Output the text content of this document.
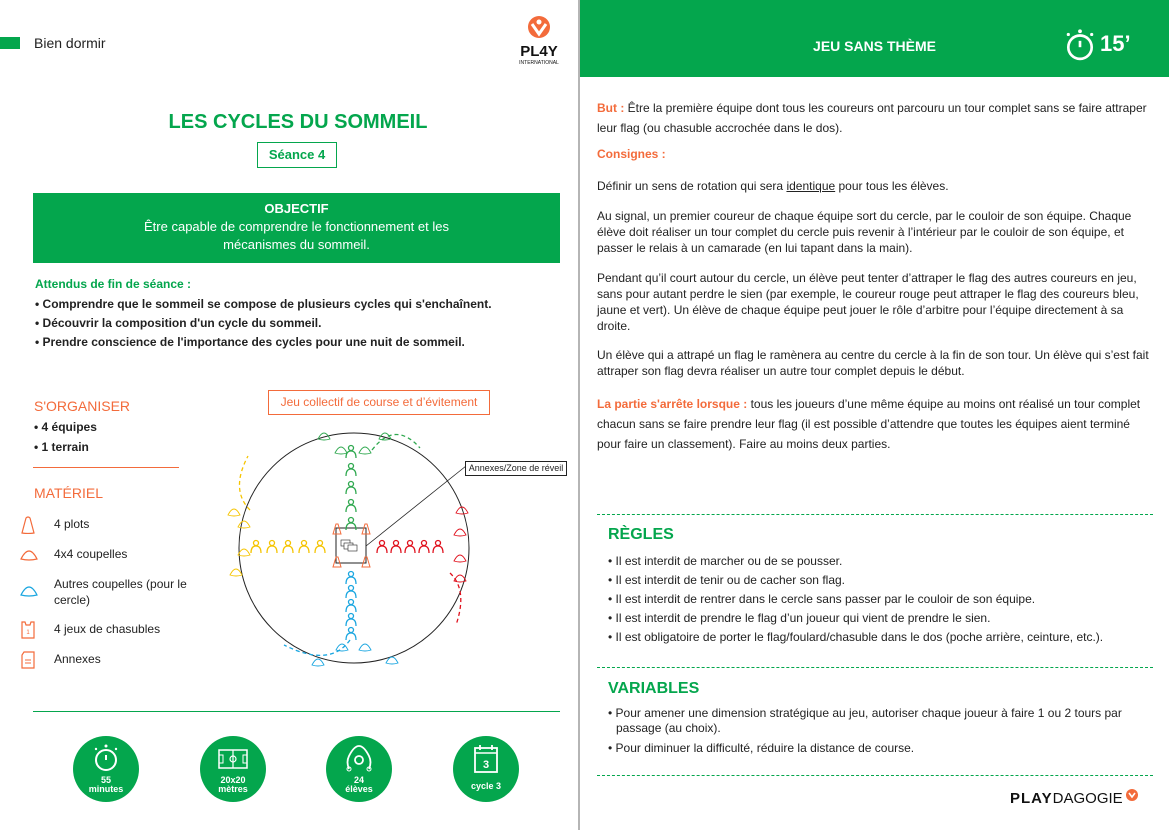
Bien dormir	PL4Y
INTERNATIONAL
LES CYCLES DU SOMMEIL
Séance 4
OBJECTIF
Être capable de comprendre le fonctionnement et les mécanismes du sommeil.
Attendus de fin de séance :
• Comprendre que le sommeil se compose de plusieurs cycles qui s'enchaînent.
• Découvrir la composition d'un cycle du sommeil.
• Prendre conscience de l'importance des cycles pour une nuit de sommeil.
S'ORGANISER
• 4 équipes
• 1 terrain
MATÉRIEL
4 plots
4x4 coupelles
Autres coupelles (pour le cercle)
1 4 jeux de chasubles
Annexes
Jeu collectif de course et d’évitement
Annexes/Zone de réveil
55
minutes
20x20
mètres
24
élèves
3
cycle 3
JEU SANS THÈME	15’
But : Être la première équipe dont tous les coureurs ont parcouru un tour complet sans se faire attraper leur flag (ou chasuble accrochée dans le dos).
Consignes :
Définir un sens de rotation qui sera identique pour tous les élèves.
Au signal, un premier coureur de chaque équipe sort du cercle, par le couloir de son équipe. Chaque élève doit réaliser un tour complet du cercle puis revenir à l’intérieur par le couloir de son équipe, et passer le relais à un camarade (en lui tapant dans la main).
Pendant qu’il court autour du cercle, un élève peut tenter d’attraper le flag des autres coureurs en jeu, sans pour autant perdre le sien (par exemple, le coureur rouge peut attraper le flag des coureurs bleu, jaune et vert). Un élève de chaque équipe peut jouer le rôle d’arbitre pour l’équipe directement à sa droite.
Un élève qui a attrapé un flag le ramènera au centre du cercle à la fin de son tour. Un élève qui s’est fait attraper son flag devra réaliser un autre tour complet depuis le début.
La partie s'arrête lorsque : tous les joueurs d’une même équipe au moins ont réalisé un tour complet chacun sans se faire prendre leur flag (il est possible d’attendre que toutes les équipes aient terminé pour faire un classement). Faire au moins deux parties.
RÈGLES
• Il est interdit de marcher ou de se pousser.
• Il est interdit de tenir ou de cacher son flag.
• Il est interdit de rentrer dans le cercle sans passer par le couloir de son équipe.
• Il est interdit de prendre le flag d’un joueur qui vient de prendre le sien.
• Il est obligatoire de porter le flag/foulard/chasuble dans le dos (poche arrière, ceinture, etc.).
VARIABLES
• Pour amener une dimension stratégique au jeu, autoriser chaque joueur à faire 1 ou 2 tours par passage (au choix).
• Pour diminuer la difficulté, réduire la distance de course.
PLAY DAGOGIE
